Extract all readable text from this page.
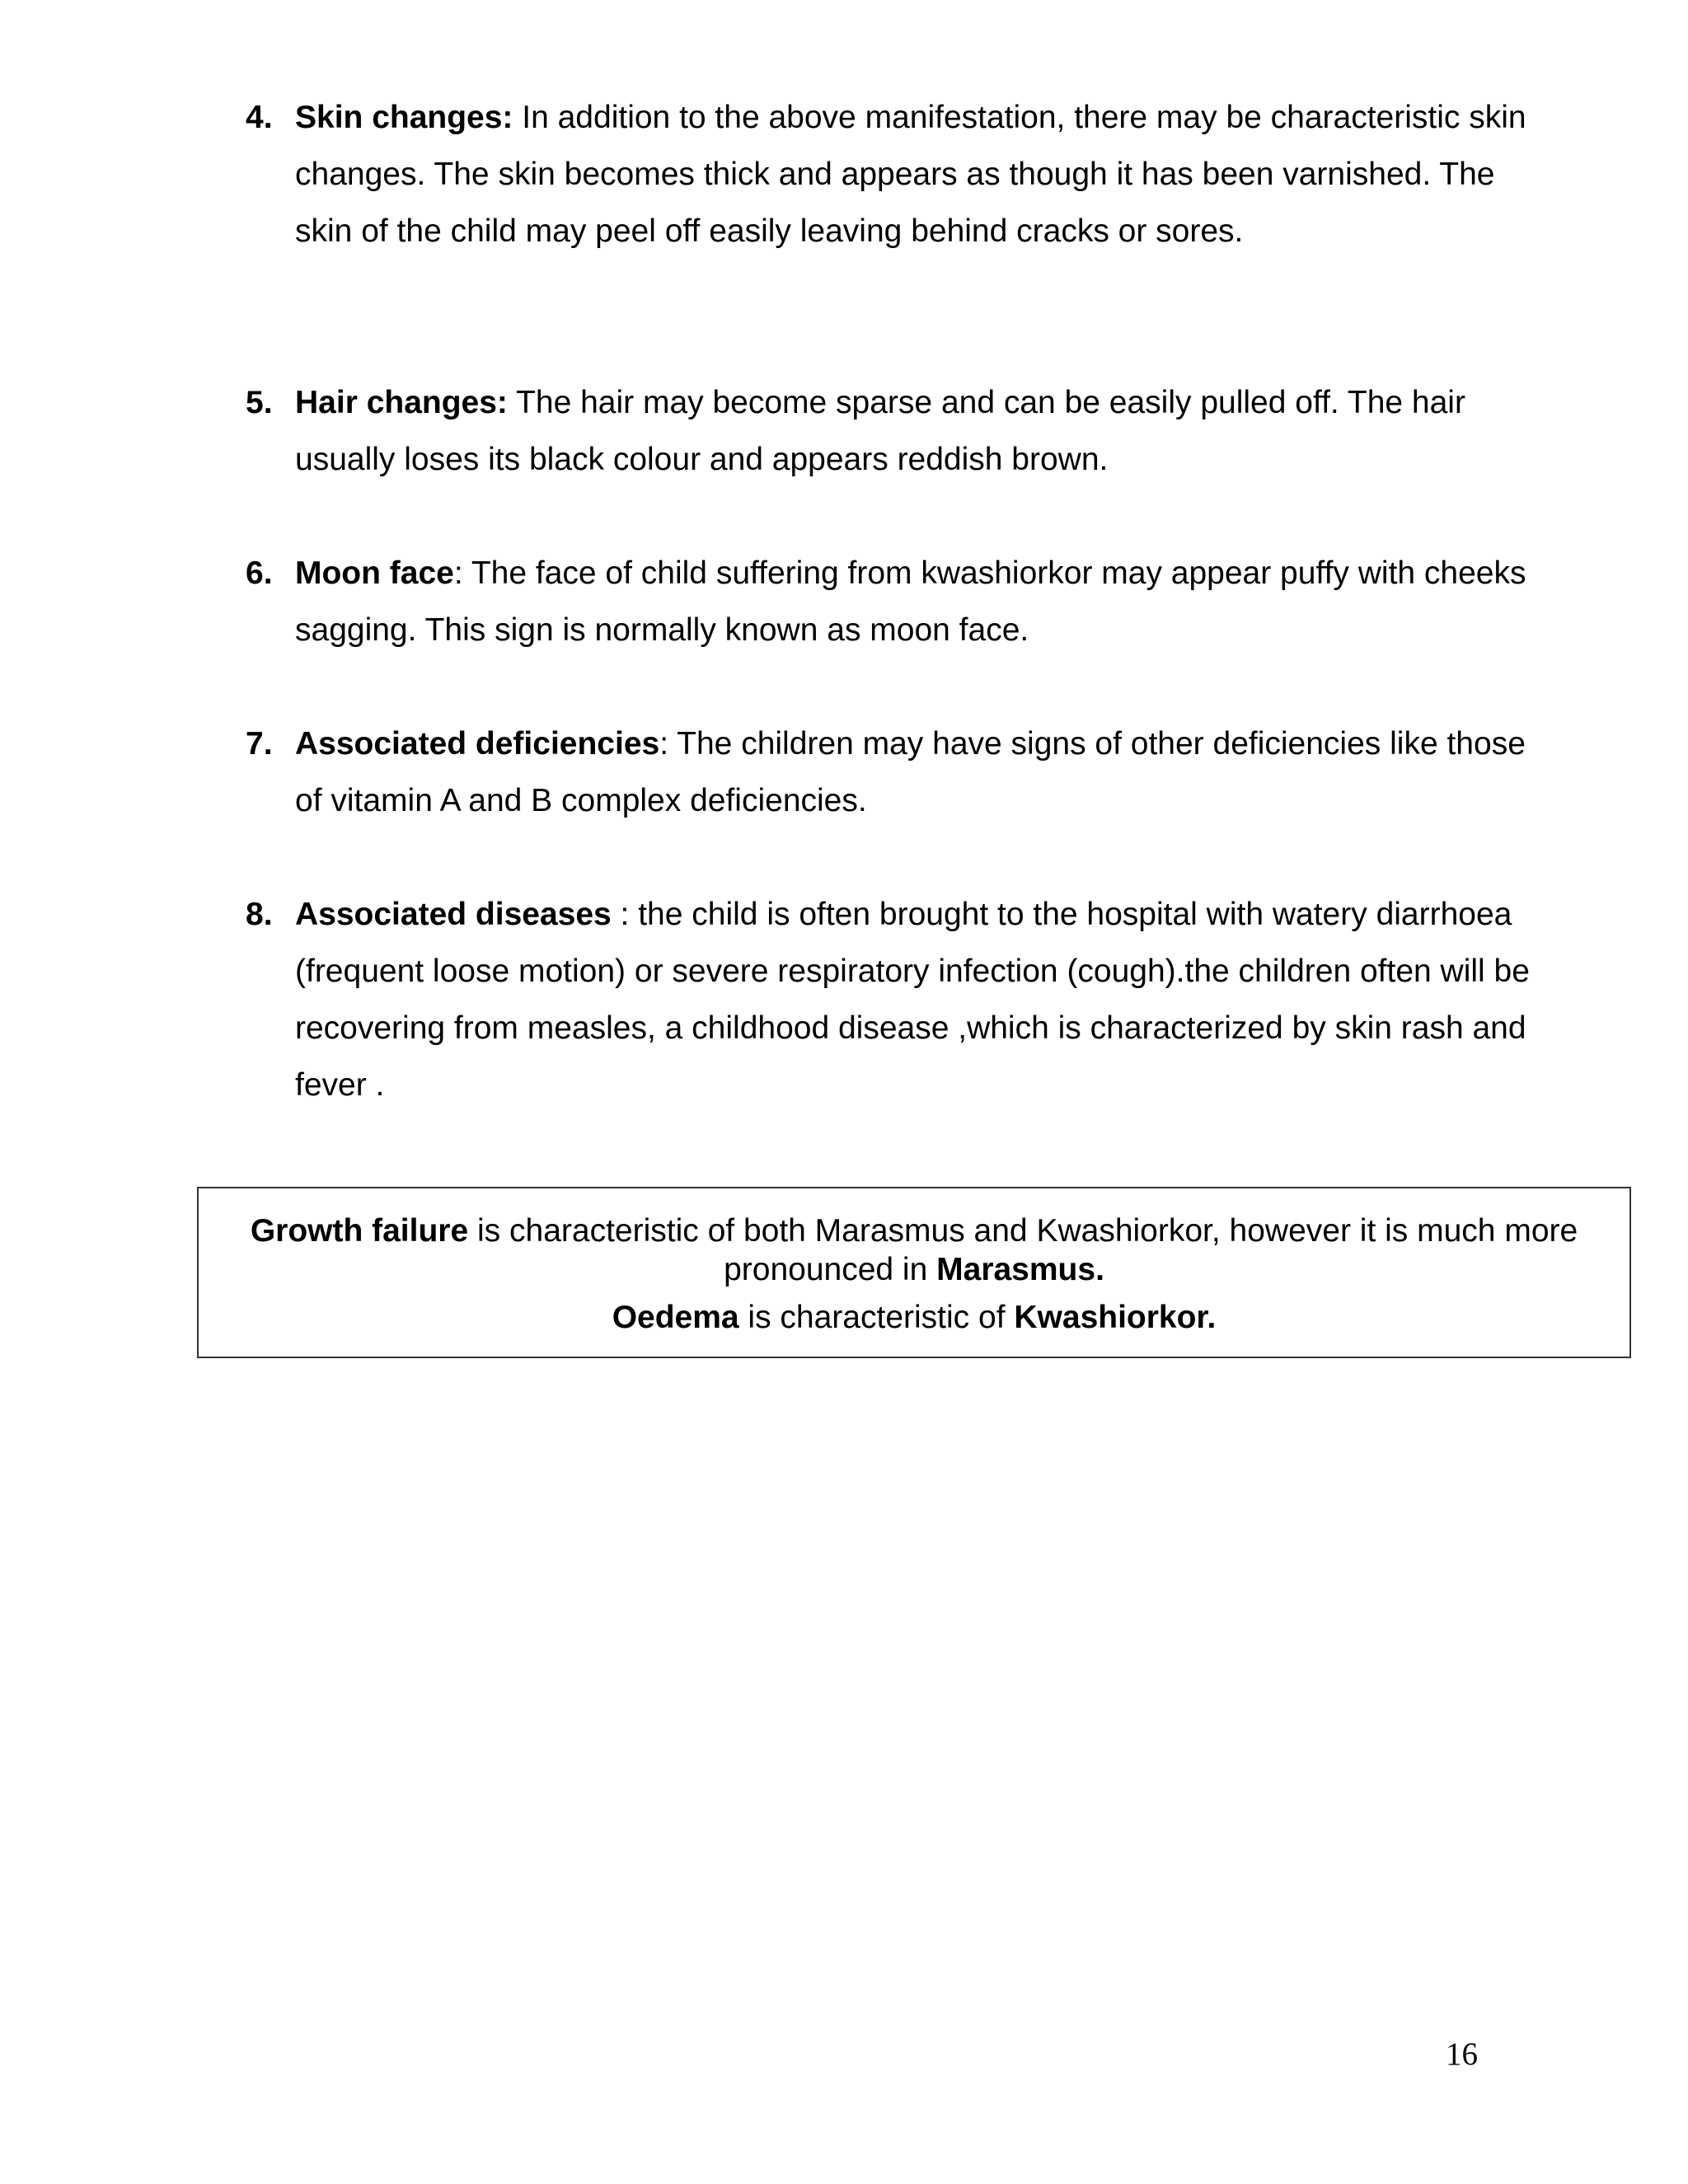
4. Skin changes: In addition to the above manifestation, there may be characteristic skin changes. The skin becomes thick and appears as though it has been varnished. The skin of the child may peel off easily leaving behind cracks or sores.
5. Hair changes: The hair may become sparse and can be easily pulled off. The hair usually loses its black colour and appears reddish brown.
6. Moon face: The face of child suffering from kwashiorkor may appear puffy with cheeks sagging. This sign is normally known as moon face.
7. Associated deficiencies: The children may have signs of other deficiencies like those of vitamin A and B complex deficiencies.
8. Associated diseases : the child is often brought to the hospital with watery diarrhoea (frequent loose motion) or severe respiratory infection (cough).the children often will be recovering from measles, a childhood disease ,which is characterized by skin rash and fever .
Growth failure is characteristic of both Marasmus and Kwashiorkor, however it is much more pronounced in Marasmus.
Oedema is characteristic of Kwashiorkor.
16
